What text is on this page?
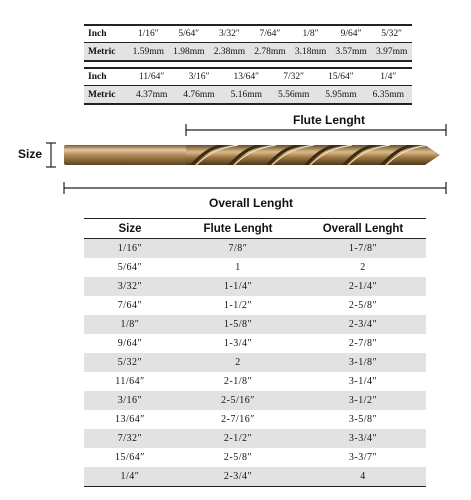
Inch	1/16″	5/64″	3/32″	7/64″	1/8″	9/64″	5/32″
Metric	1.59mm	1.98mm	2.38mm	2.78mm	3.18mm	3.57mm	3.97mm
Inch	11/64″	3/16″	13/64″	7/32″	15/64″	1/4″
Metric	4.37mm	4.76mm	5.16mm	5.56mm	5.95mm	6.35mm
Flute Lenght
Size
Overall Lenght
Size	Flute Lenght	Overall Lenght
1/16″	7/8″	1-7/8″
5/64″	1	2
3/32″	1-1/4″	2-1/4″
7/64″	1-1/2″	2-5/8″
1/8″	1-5/8″	2-3/4″
9/64″	1-3/4″	2-7/8″
5/32″	2	3-1/8″
11/64″	2-1/8″	3-1/4″
3/16″	2-5/16″	3-1/2″
13/64″	2-7/16″	3-5/8″
7/32″	2-1/2″	3-3/4″
15/64″	2-5/8″	3-3/7″
1/4″	2-3/4″	4
